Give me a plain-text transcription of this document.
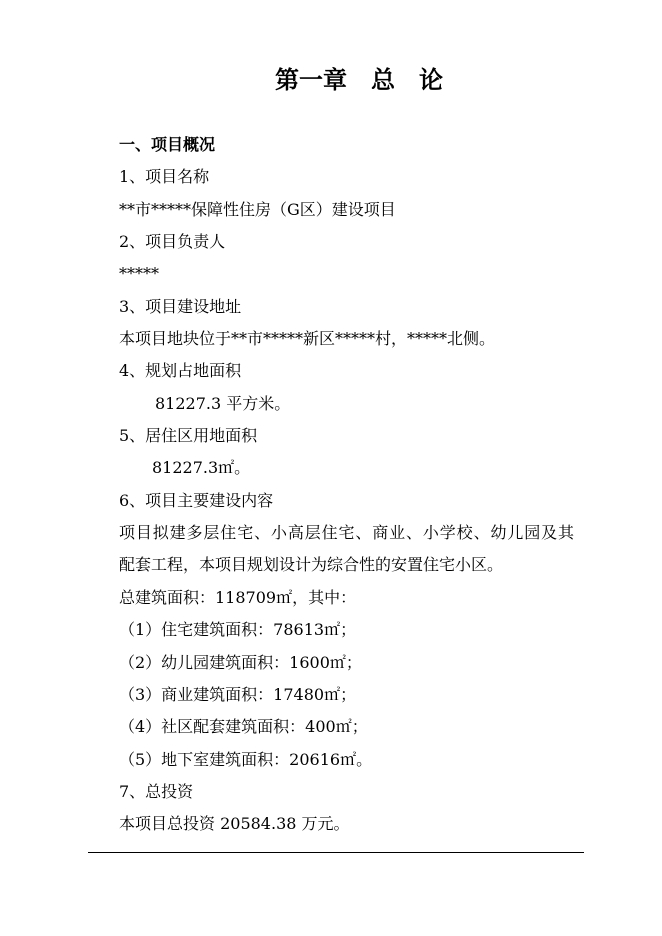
第一章　总　论
一、项目概况
1、项目名称
**市*****保障性住房（G区）建设项目
2、项目负责人
*****
3、项目建设地址
本项目地块位于**市*****新区*****村，*****北侧。
4、规划占地面积
81227.3 平方米。
5、居住区用地面积
81227.3㎡。
6、项目主要建设内容
项目拟建多层住宅、小高层住宅、商业、小学校、幼儿园及其
配套工程，本项目规划设计为综合性的安置住宅小区。
总建筑面积：118709㎡，其中：
（1）住宅建筑面积：78613㎡；
（2）幼儿园建筑面积：1600㎡；
（3）商业建筑面积：17480㎡；
（4）社区配套建筑面积：400㎡；
（5）地下室建筑面积：20616㎡。
7、总投资
本项目总投资 20584.38 万元。
